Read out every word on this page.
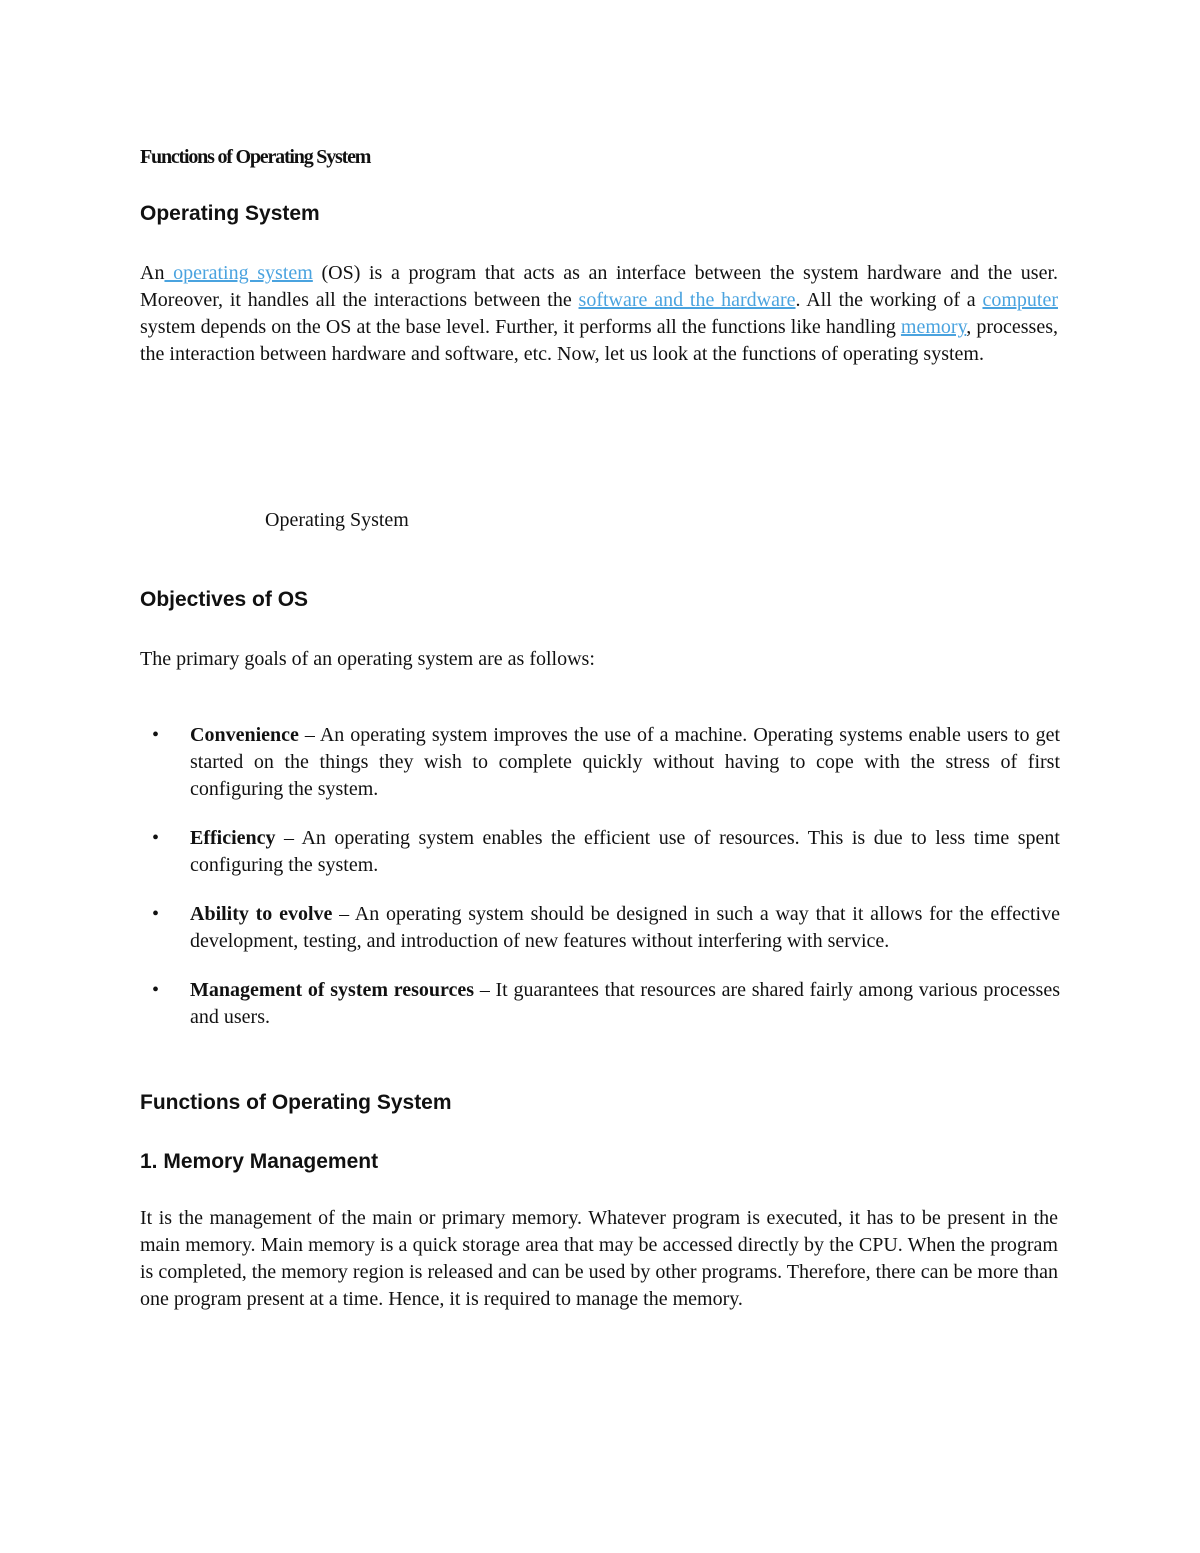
Functions of Operating System
Operating System

An operating system (OS) is a program that acts as an interface between the system hardware and the user. Moreover, it handles all the interactions between the software and the hardware. All the working of a computer system depends on the OS at the base level. Further, it performs all the functions like handling memory, processes, the interaction between hardware and software, etc. Now, let us look at the functions of operating system.

Operating System
Objectives of OS
The primary goals of an operating system are as follows:
• Convenience – An operating system improves the use of a machine. Operating systems enable users to get started on the things they wish to complete quickly without having to cope with the stress of first configuring the system.
• Efficiency – An operating system enables the efficient use of resources. This is due to less time spent configuring the system.
• Ability to evolve – An operating system should be designed in such a way that it allows for the effective development, testing, and introduction of new features without interfering with service.
• Management of system resources – It guarantees that resources are shared fairly among various processes and users.
Functions of Operating System
1. Memory Management

It is the management of the main or primary memory. Whatever program is executed, it has to be present in the main memory. Main memory is a quick storage area that may be accessed directly by the CPU. When the program is completed, the memory region is released and can be used by other programs. Therefore, there can be more than one program present at a time. Hence, it is required to manage the memory.
